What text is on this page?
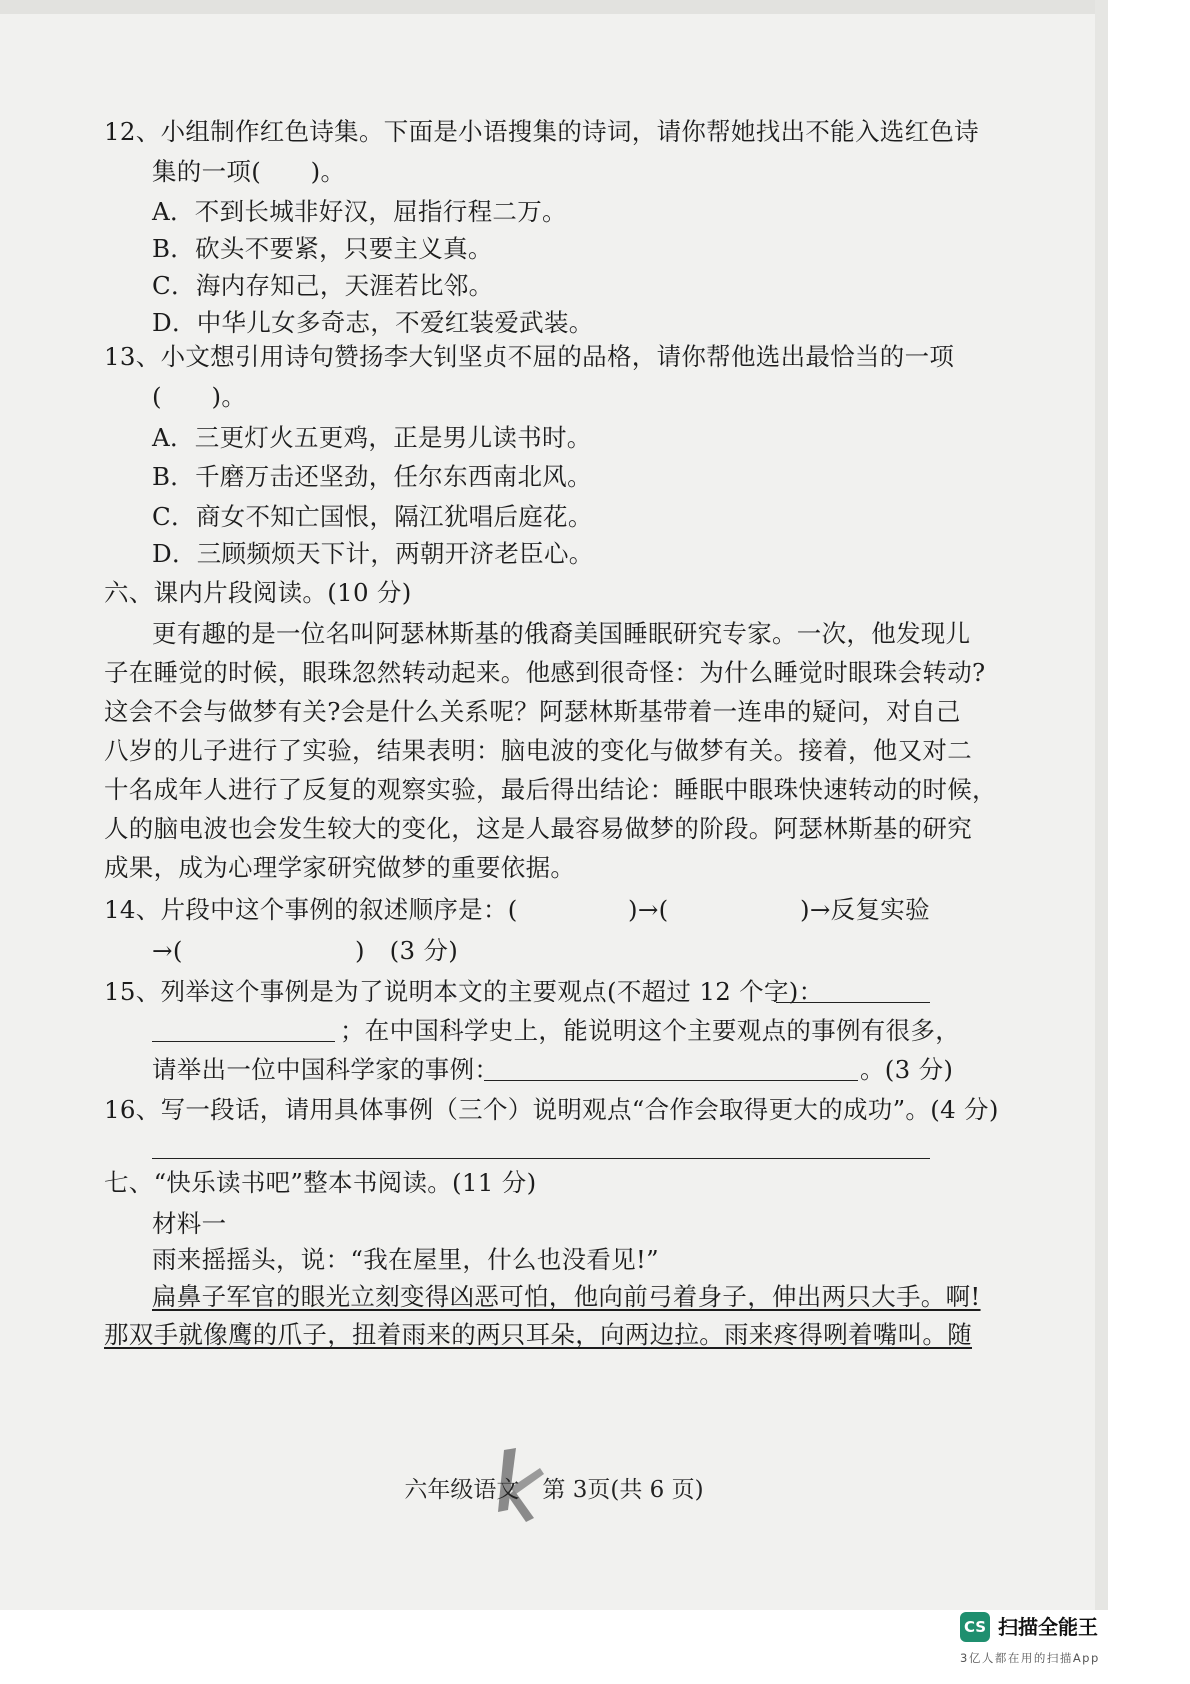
12、小组制作红色诗集。下面是小语搜集的诗词，请你帮她找出不能入选红色诗
集的一项(　　)。
A．不到长城非好汉，屈指行程二万。
B．砍头不要紧，只要主义真。
C．海内存知己，天涯若比邻。
D．中华儿女多奇志，不爱红装爱武装。
13、小文想引用诗句赞扬李大钊坚贞不屈的品格，请你帮他选出最恰当的一项
(　　)。
A．三更灯火五更鸡，正是男儿读书时。
B．千磨万击还坚劲，任尔东西南北风。
C．商女不知亡国恨，隔江犹唱后庭花。
D．三顾频烦天下计，两朝开济老臣心。
六、课内片段阅读。(10 分)
更有趣的是一位名叫阿瑟林斯基的俄裔美国睡眠研究专家。一次，他发现儿
子在睡觉的时候，眼珠忽然转动起来。他感到很奇怪：为什么睡觉时眼珠会转动?
这会不会与做梦有关?会是什么关系呢？阿瑟林斯基带着一连串的疑问，对自己
八岁的儿子进行了实验，结果表明：脑电波的变化与做梦有关。接着，他又对二
十名成年人进行了反复的观察实验，最后得出结论：睡眠中眼珠快速转动的时候，
人的脑电波也会发生较大的变化，这是人最容易做梦的阶段。阿瑟林斯基的研究
成果，成为心理学家研究做梦的重要依据。
14、片段中这个事例的叙述顺序是：(	)→(	)→反复实验
→(	)　(3 分)
15、列举这个事例是为了说明本文的主要观点(不超过 12 个字)：
；在中国科学史上，能说明这个主要观点的事例有很多，
请举出一位中国科学家的事例：	。(3 分)
16、写一段话，请用具体事例（三个）说明观点“合作会取得更大的成功”。(4 分)
七、“快乐读书吧”整本书阅读。(11 分)
材料一
雨来摇摇头，说：“我在屋里，什么也没看见!”
扁鼻子军官的眼光立刻变得凶恶可怕，他向前弓着身子，伸出两只大手。啊!
那双手就像鹰的爪子，扭着雨来的两只耳朵，向两边拉。雨来疼得咧着嘴叫。随
六年级语文　第 3页(共 6 页)
CS 扫描全能王
3亿人都在用的扫描App
